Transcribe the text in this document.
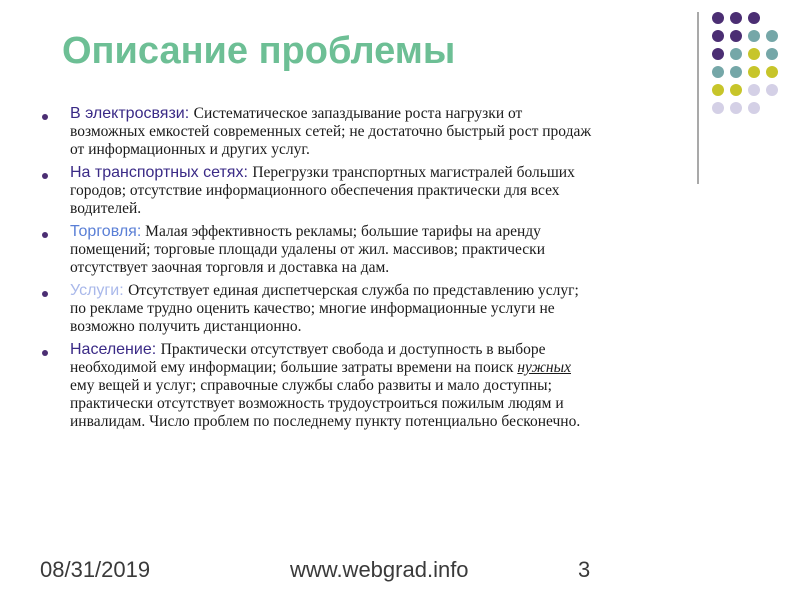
Описание проблемы
В электросвязи: Систематическое запаздывание роста нагрузки от
возможных емкостей современных сетей; не достаточно быстрый рост продаж
от информационных и других услуг.
На транспортных сетях: Перегрузки транспортных магистралей больших
городов; отсутствие информационного обеспечения практически для всех
водителей.
Торговля: Малая эффективность рекламы; большие тарифы на аренду
помещений; торговые площади удалены от жил. массивов; практически
отсутствует заочная торговля и доставка на дам.
Услуги: Отсутствует единая диспетчерская служба по представлению услуг;
по рекламе трудно оценить качество; многие информационные услуги не
возможно получить дистанционно.
Население: Практически отсутствует свобода и доступность в выборе
необходимой ему информации; большие затраты времени на поиск нужных
ему вещей и услуг; справочные службы слабо развиты и мало доступны;
практически отсутствует возможность трудоустроиться пожилым людям и
инвалидам. Число проблем по последнему пункту потенциально бесконечно.
08/31/2019	www.webgrad.info	3
